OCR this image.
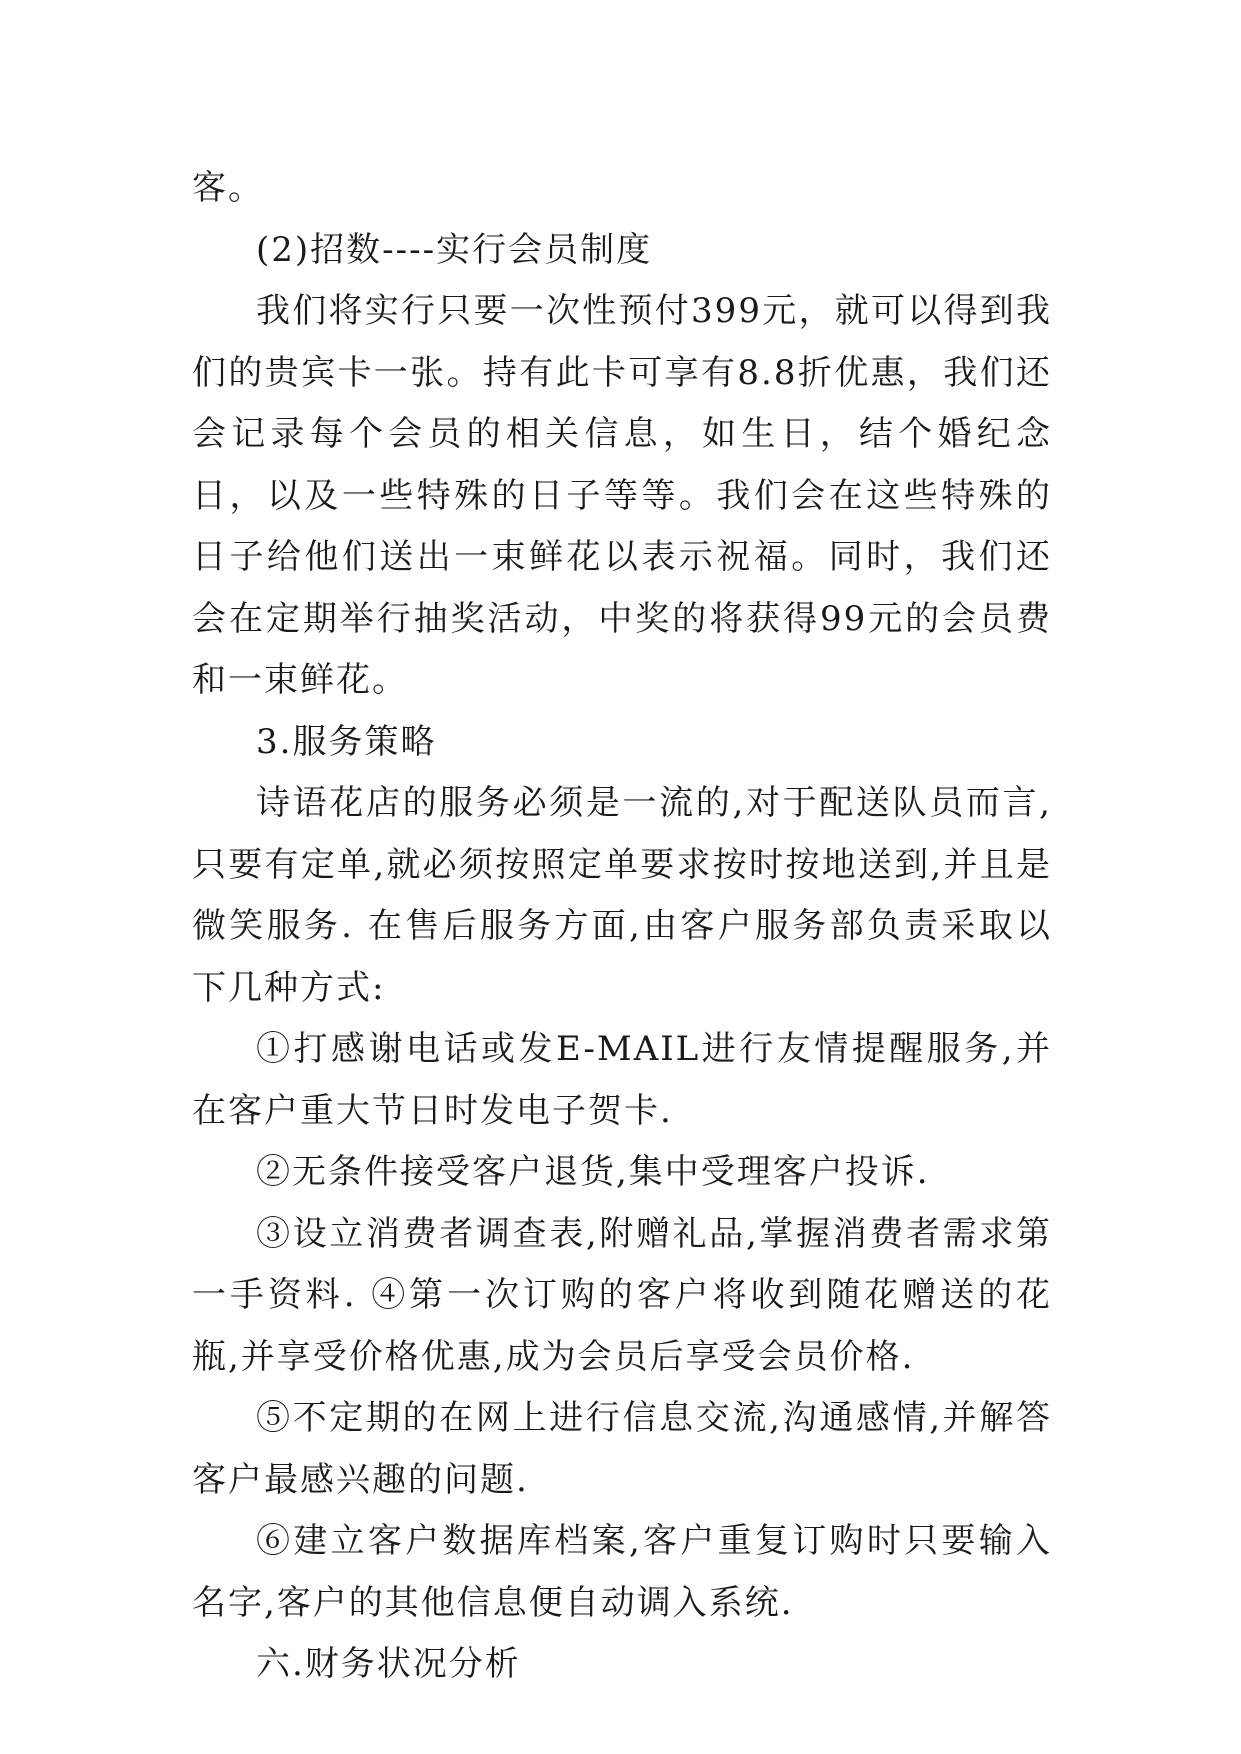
客。

(2)招数----实行会员制度

我们将实行只要一次性预付399元，就可以得到我们的贵宾卡一张。持有此卡可享有8.8折优惠，我们还会记录每个会员的相关信息，如生日，结个婚纪念日，以及一些特殊的日子等等。我们会在这些特殊的日子给他们送出一束鲜花以表示祝福。同时，我们还会在定期举行抽奖活动，中奖的将获得99元的会员费和一束鲜花。

3.服务策略

诗语花店的服务必须是一流的,对于配送队员而言,只要有定单,就必须按照定单要求按时按地送到,并且是微笑服务. 在售后服务方面,由客户服务部负责采取以下几种方式:

①打感谢电话或发E-MAIL进行友情提醒服务,并在客户重大节日时发电子贺卡.

②无条件接受客户退货,集中受理客户投诉.

③设立消费者调查表,附赠礼品,掌握消费者需求第一手资料. ④第一次订购的客户将收到随花赠送的花瓶,并享受价格优惠,成为会员后享受会员价格.

⑤不定期的在网上进行信息交流,沟通感情,并解答客户最感兴趣的问题.

⑥建立客户数据库档案,客户重复订购时只要输入名字,客户的其他信息便自动调入系统.

六.财务状况分析
